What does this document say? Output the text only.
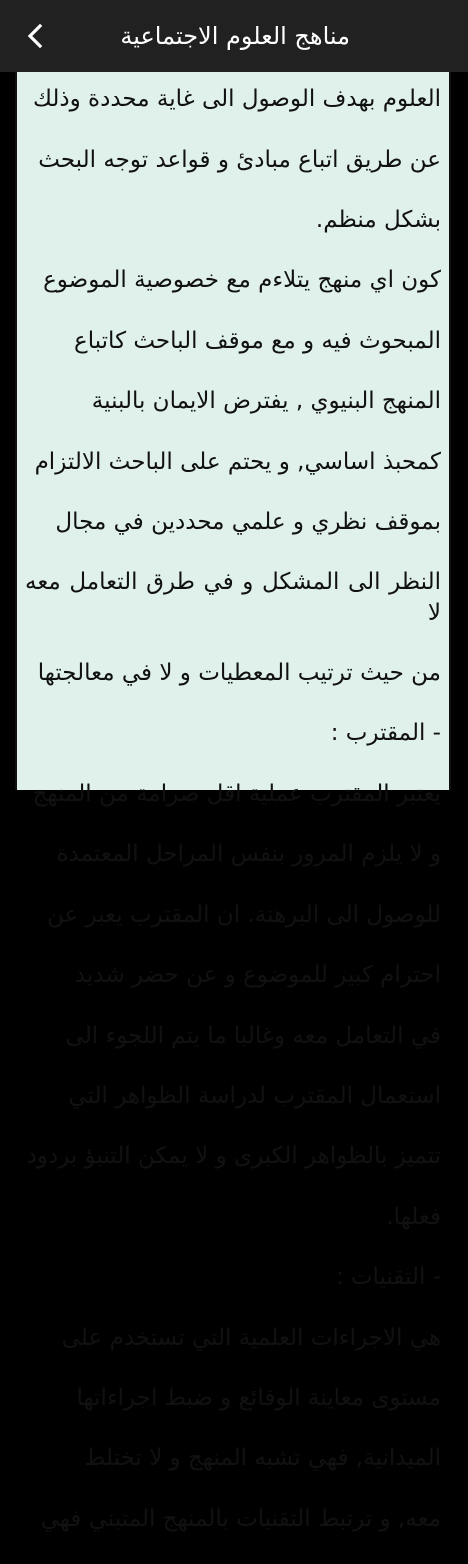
مناهج العلوم الاجتماعية

العلوم بهدف الوصول الى غاية محددة وذلك

عن طريق اتباع مبادئ و قواعد توجه البحث

بشكل منظم.

كون اي منهج يتلاءم مع خصوصية الموضوع

المبحوث فيه و مع موقف الباحث كاتباع

المنهج البنيوي , يفترض الايمان بالبنية

كمحبذ اساسي, و يحتم على الباحث الالتزام

بموقف نظري و علمي محددين في مجال

النظر الى المشكل و في طرق التعامل معه لا

من حيث ترتيب المعطيات و لا في معالجتها

- المقترب :

يعتبر المقترب عملية اقل صرامة من المنهج

و لا يلزم المرور بنفس المراحل المعتمدة

للوصول الى البرهنة. ان المقترب يعبر عن

احترام كبير للموضوع و عن حضر شديد

في التعامل معه وغالبا ما يتم اللجوء الى

استعمال المقترب لدراسة الظواهر التي

تتميز بالظواهر الكبرى و لا يمكن التنبؤ بردود

فعلها.

- التقنيات :

هي الاجراءات العلمية التي تستخدم على

مستوى معاينة الوقائع و ضبط اجراءاتها

الميدانية, فهي تشبه المنهج و لا تختلط

معه, و ترتبط التقنيات بالمنهج المتبني فهي
